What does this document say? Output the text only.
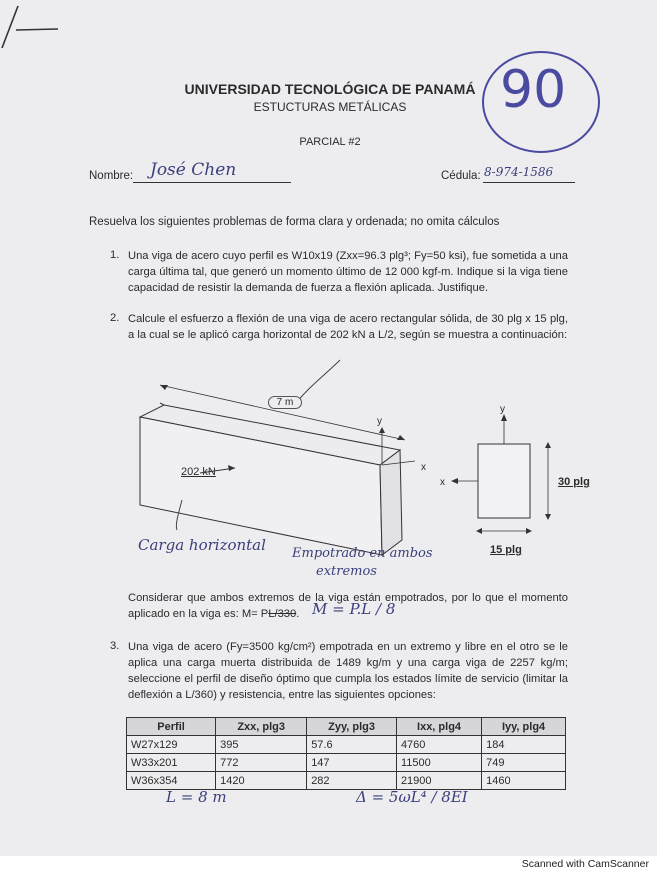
90
UNIVERSIDAD TECNOLÓGICA DE PANAMÁ
ESTUCTURAS METÁLICAS
PARCIAL #2
Nombre: José Chen	Cédula: 8-974-1586
Resuelva los siguientes problemas de forma clara y ordenada; no omita cálculos
1. Una viga de acero cuyo perfil es W10x19 (Zxx=96.3 plg³; Fy=50 ksi), fue sometida a una carga última tal, que generó un momento último de 12 000 kgf-m. Indique si la viga tiene capacidad de resistir la demanda de fuerza a flexión aplicada. Justifique.
2. Calcule el esfuerzo a flexión de una viga de acero rectangular sólida, de 30 plg x 15 plg, a la cual se le aplicó carga horizontal de 202 kN a L/2, según se muestra a continuación:
7 m
y
x
202 kN
y
x	30 plg
15 plg
Carga horizontal Empotrado en ambos
extremos
Considerar que ambos extremos de la viga están empotrados, por lo que el momento aplicado en la viga es: M= PL/330. M = P.L / 8
3. Una viga de acero (Fy=3500 kg/cm²) empotrada en un extremo y libre en el otro se le aplica una carga muerta distribuida de 1489 kg/m y una carga viga de 2257 kg/m; seleccione el perfil de diseño óptimo que cumpla los estados límite de servicio (limitar la deflexión a L/360) y resistencia, entre las siguientes opciones:
Perfil	Zxx, plg3	Zyy, plg3	Ixx, plg4	Iyy, plg4
W27x129	395	57.6	4760	184
W33x201	772	147	11500	749
W36x354	1420	282	21900	1460
L = 8 m	Δ = 5ωL⁴ / 8EI
Scanned with CamScanner
